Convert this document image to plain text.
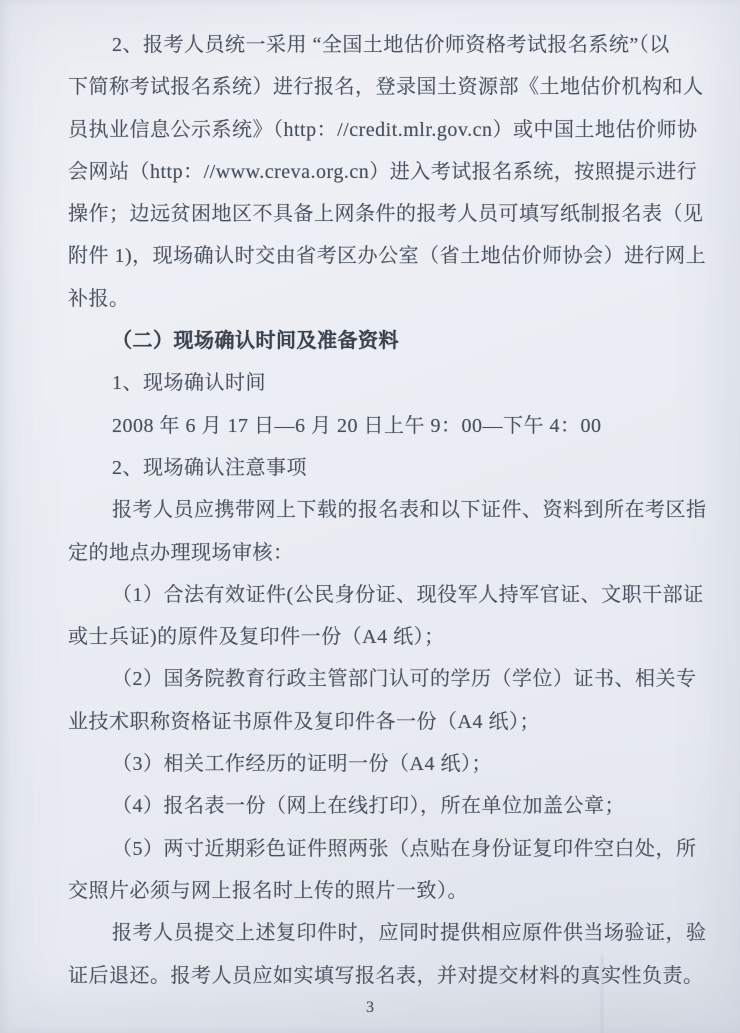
2、报考人员统一采用 “全国土地估价师资格考试报名系统”（以
下简称考试报名系统）进行报名，登录国土资源部《土地估价机构和人
员执业信息公示系统》（http：//credit.mlr.gov.cn）或中国土地估价师协
会网站（http：//www.creva.org.cn）进入考试报名系统，按照提示进行
操作；边远贫困地区不具备上网条件的报考人员可填写纸制报名表（见
附件 1)，现场确认时交由省考区办公室（省土地估价师协会）进行网上
补报。
（二）现场确认时间及准备资料
1、现场确认时间
2008 年 6 月 17 日—6 月 20 日上午 9：00—下午 4：00
2、现场确认注意事项
报考人员应携带网上下载的报名表和以下证件、资料到所在考区指
定的地点办理现场审核：
（1）合法有效证件(公民身份证、现役军人持军官证、文职干部证
或士兵证)的原件及复印件一份（A4 纸）；
（2）国务院教育行政主管部门认可的学历（学位）证书、相关专
业技术职称资格证书原件及复印件各一份（A4 纸）；
（3）相关工作经历的证明一份（A4 纸）；
（4）报名表一份（网上在线打印），所在单位加盖公章；
（5）两寸近期彩色证件照两张（点贴在身份证复印件空白处，所
交照片必须与网上报名时上传的照片一致）。
报考人员提交上述复印件时，应同时提供相应原件供当场验证，验
证后退还。报考人员应如实填写报名表，并对提交材料的真实性负责。
3
